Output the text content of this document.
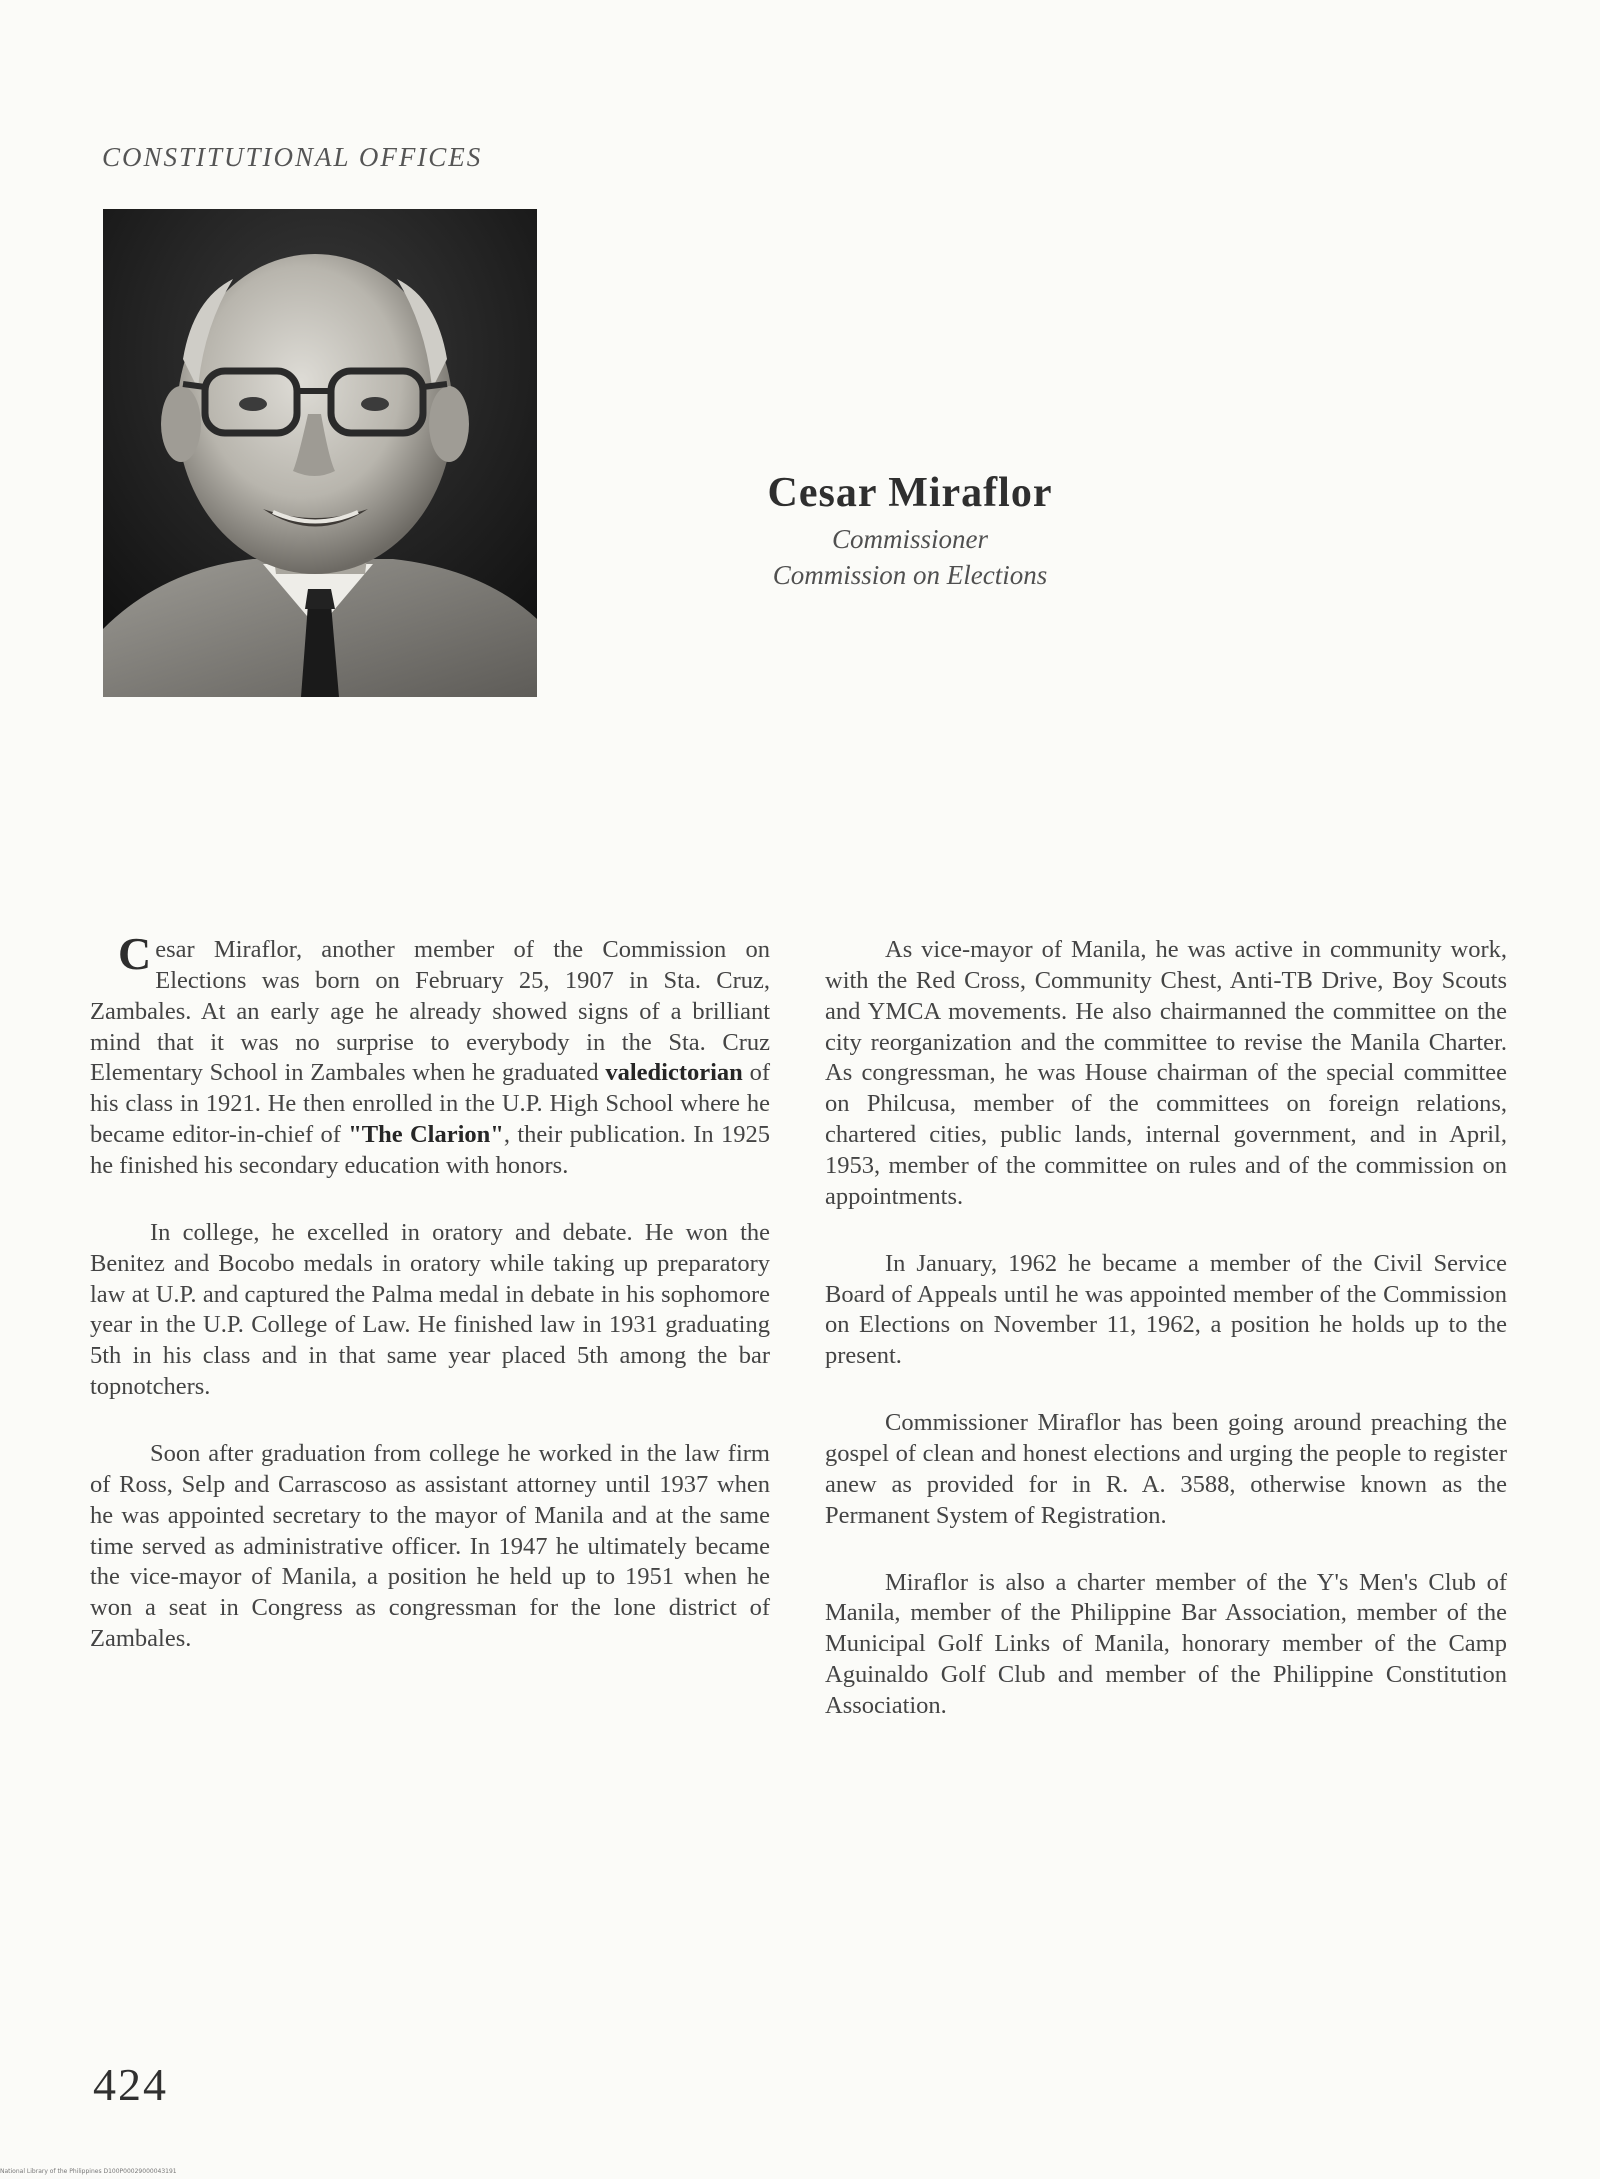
CONSTITUTIONAL OFFICES
Cesar Miraflor
Commissioner
Commission on Elections

Cesar Miraflor, another member of the Commission on Elections was born on February 25, 1907 in Sta. Cruz, Zambales. At an early age he already showed signs of a brilliant mind that it was no surprise to everybody in the Sta. Cruz Elementary School in Zambales when he graduated valedictorian of his class in 1921. He then enrolled in the U.P. High School where he became editor-in-chief of "The Clarion", their publication. In 1925 he finished his secondary education with honors.

In college, he excelled in oratory and debate. He won the Benitez and Bocobo medals in oratory while taking up preparatory law at U.P. and captured the Palma medal in debate in his sophomore year in the U.P. College of Law. He finished law in 1931 graduating 5th in his class and in that same year placed 5th among the bar topnotchers.

Soon after graduation from college he worked in the law firm of Ross, Selp and Carrascoso as assistant attorney until 1937 when he was appointed secretary to the mayor of Manila and at the same time served as administrative officer. In 1947 he ultimately became the vice-mayor of Manila, a position he held up to 1951 when he won a seat in Congress as congressman for the lone district of Zambales.

As vice-mayor of Manila, he was active in community work, with the Red Cross, Community Chest, Anti-TB Drive, Boy Scouts and YMCA movements. He also chairmanned the committee on the city reorganization and the committee to revise the Manila Charter. As congressman, he was House chairman of the special committee on Philcusa, member of the committees on foreign relations, chartered cities, public lands, internal government, and in April, 1953, member of the committee on rules and of the commission on appointments.

In January, 1962 he became a member of the Civil Service Board of Appeals until he was appointed member of the Commission on Elections on November 11, 1962, a position he holds up to the present.

Commissioner Miraflor has been going around preaching the gospel of clean and honest elections and urging the people to register anew as provided for in R. A. 3588, otherwise known as the Permanent System of Registration.

Miraflor is also a charter member of the Y's Men's Club of Manila, member of the Philippine Bar Association, member of the Municipal Golf Links of Manila, honorary member of the Camp Aguinaldo Golf Club and member of the Philippine Constitution Association.

424
National Library of the Philippines D100P00029000043191
